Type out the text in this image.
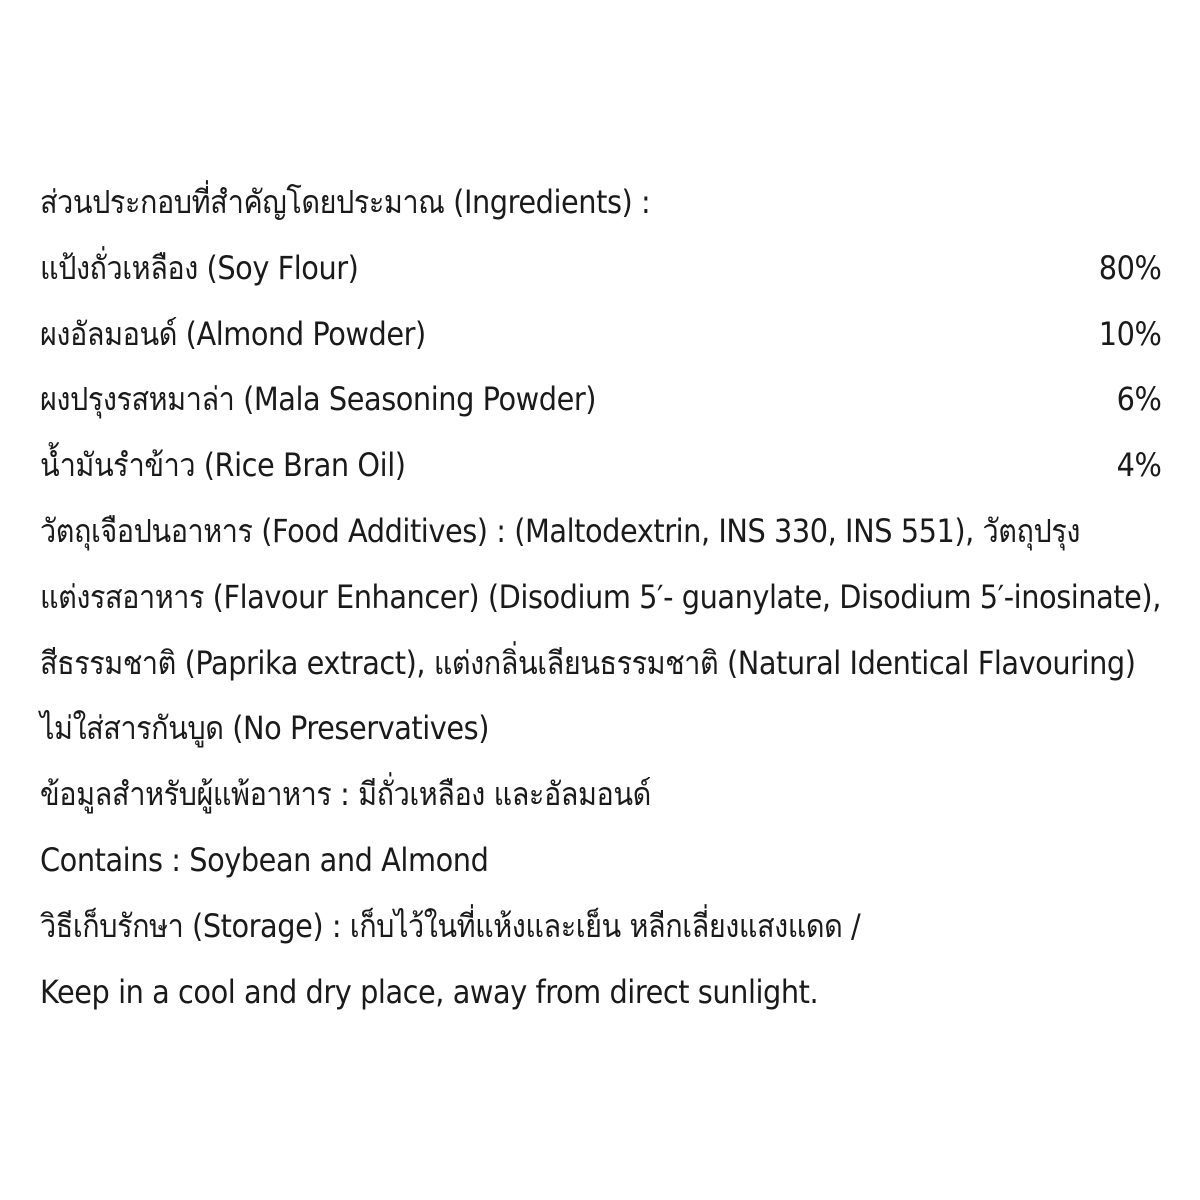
ส่วนประกอบที่สำคัญโดยประมาณ (Ingredients) :
แป้งถั่วเหลือง (Soy Flour)	80%
ผงอัลมอนด์ (Almond Powder)	10%
ผงปรุงรสหมาล่า (Mala Seasoning Powder)	6%
น้ำมันรำข้าว (Rice Bran Oil)	4%
วัตถุเจือปนอาหาร (Food Additives) : (Maltodextrin, INS 330, INS 551), วัตถุปรุง
แต่งรสอาหาร (Flavour Enhancer) (Disodium 5′- guanylate, Disodium 5′-inosinate),
สีธรรมชาติ (Paprika extract), แต่งกลิ่นเลียนธรรมชาติ (Natural Identical Flavouring)
ไม่ใส่สารกันบูด (No Preservatives)
ข้อมูลสำหรับผู้แพ้อาหาร : มีถั่วเหลือง และอัลมอนด์
Contains : Soybean and Almond
วิธีเก็บรักษา (Storage) : เก็บไว้ในที่แห้งและเย็น หลีกเลี่ยงแสงแดด /
Keep in a cool and dry place, away from direct sunlight.
